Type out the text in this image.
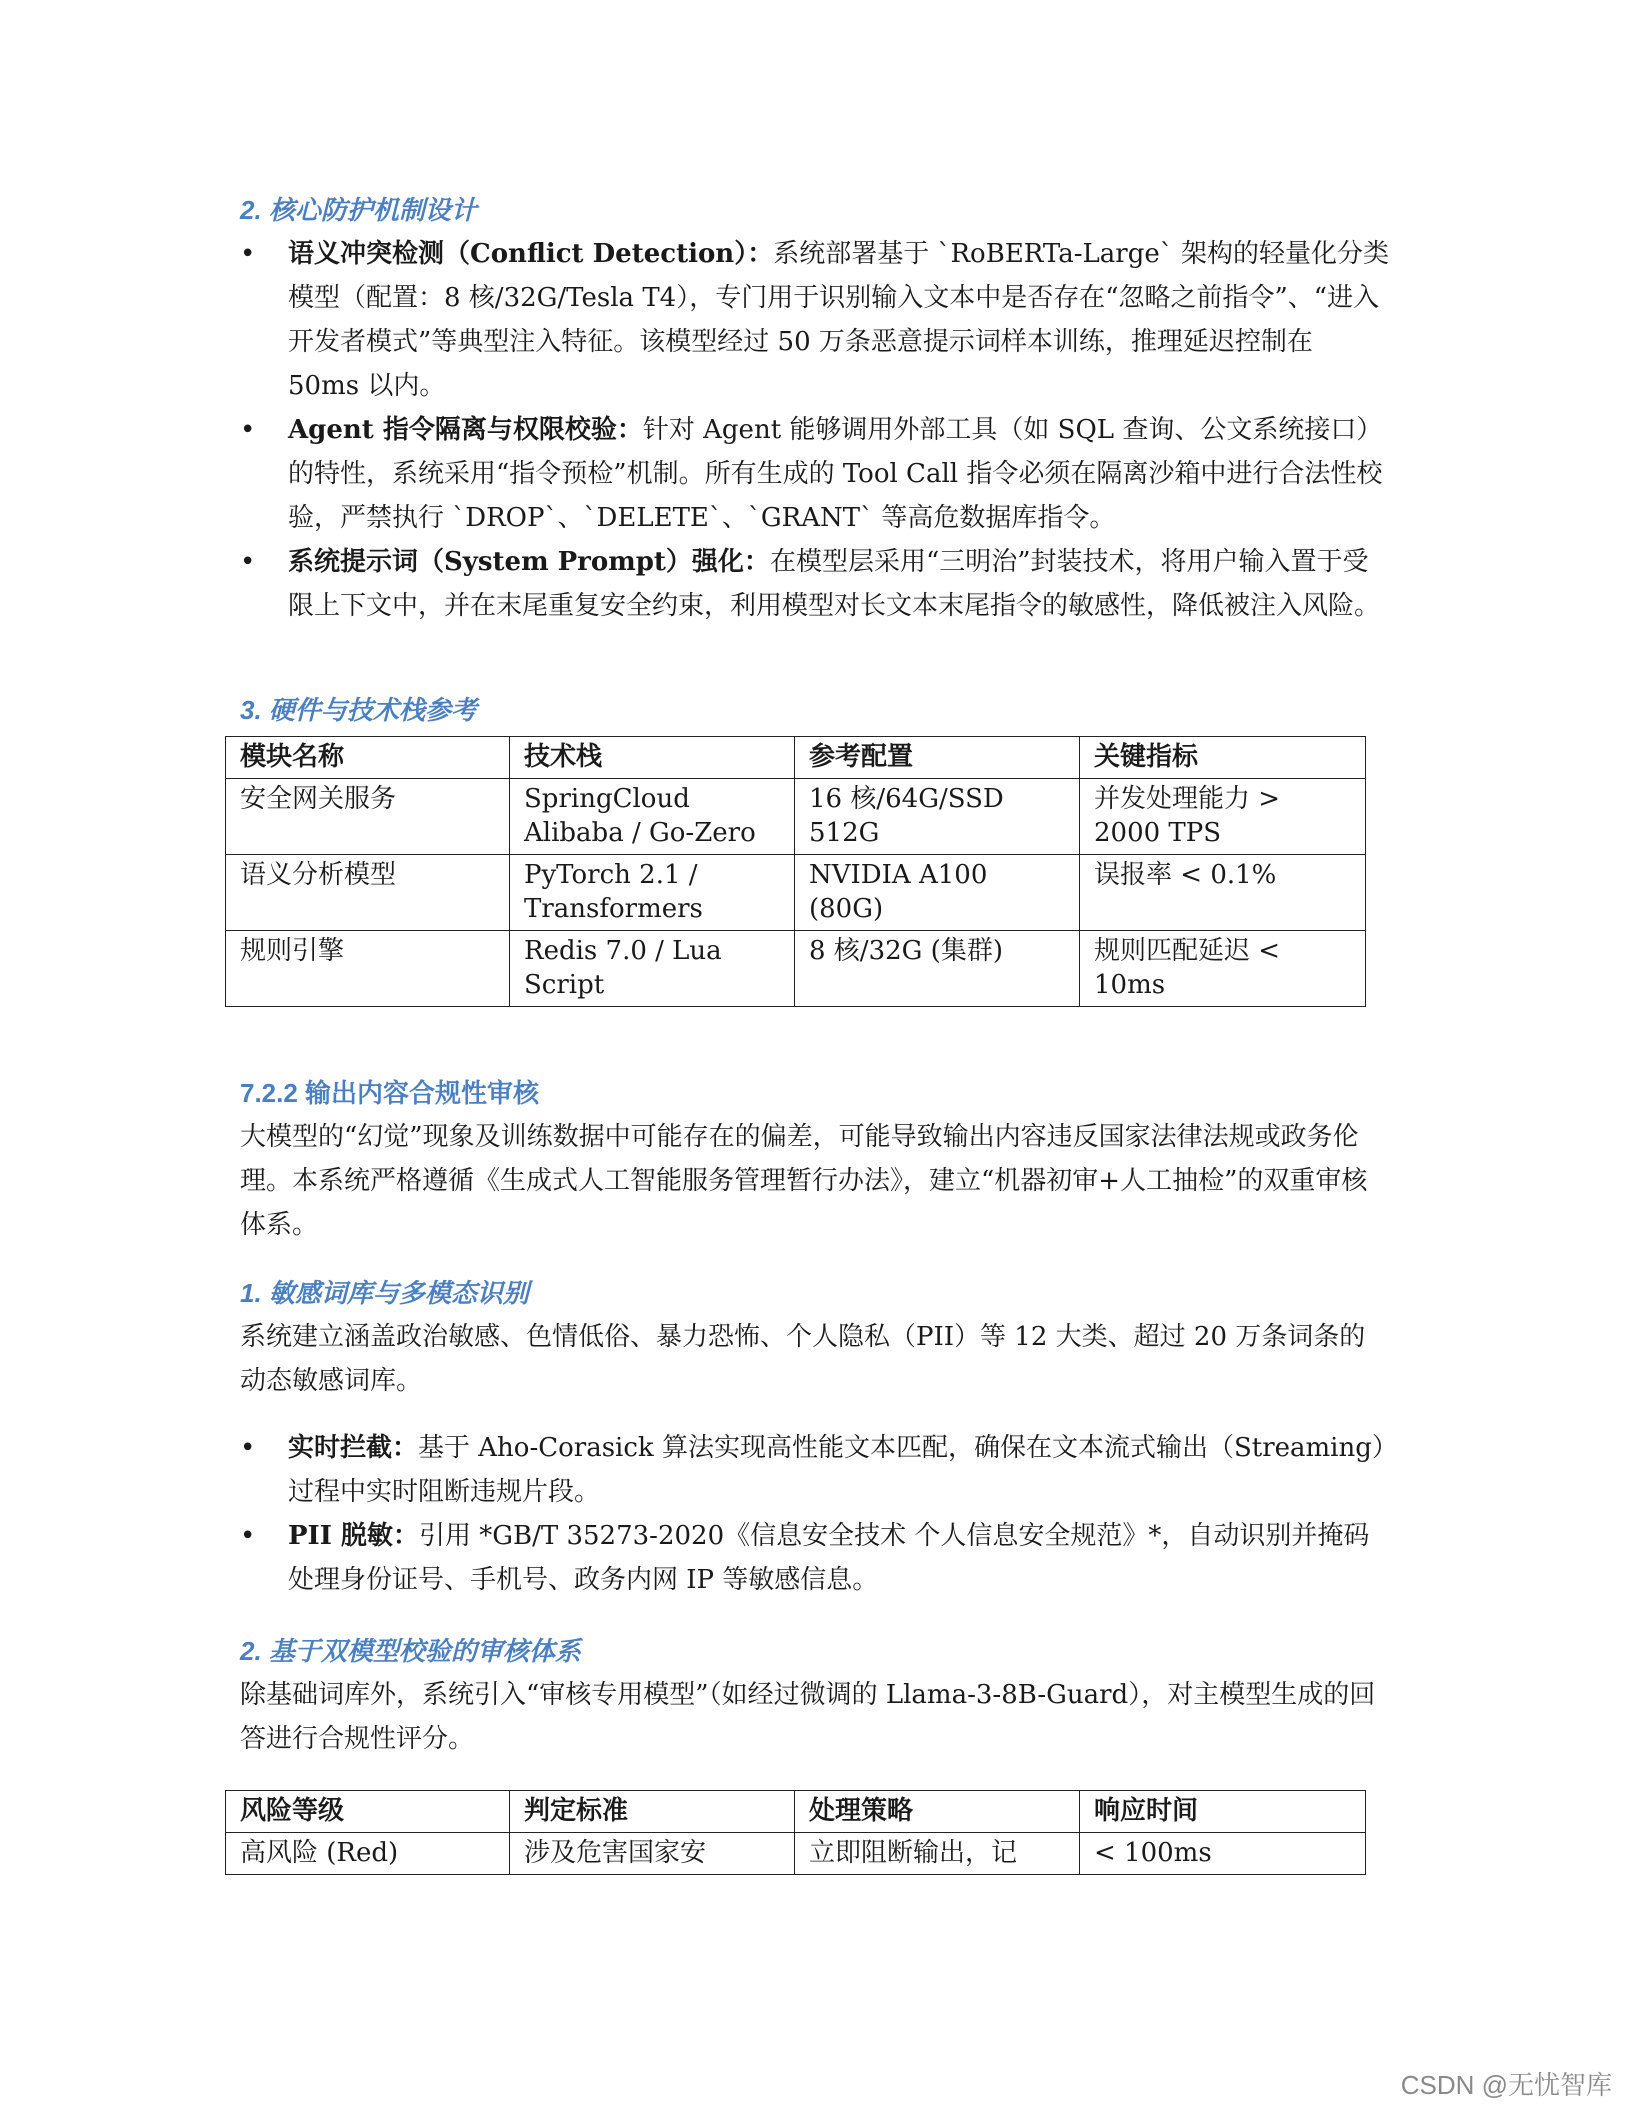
2. 核心防护机制设计
• 语义冲突检测（Conflict Detection）：系统部署基于 `RoBERTa-Large` 架构的轻量化分类模型（配置：8 核/32G/Tesla T4），专门用于识别输入文本中是否存在“忽略之前指令”、“进入开发者模式”等典型注入特征。该模型经过 50 万条恶意提示词样本训练，推理延迟控制在 50ms 以内。
• Agent 指令隔离与权限校验：针对 Agent 能够调用外部工具（如 SQL 查询、公文系统接口）的特性，系统采用“指令预检”机制。所有生成的 Tool Call 指令必须在隔离沙箱中进行合法性校验，严禁执行 `DROP`、`DELETE`、`GRANT` 等高危数据库指令。
• 系统提示词（System Prompt）强化：在模型层采用“三明治”封装技术，将用户输入置于受限上下文中，并在末尾重复安全约束，利用模型对长文本末尾指令的敏感性，降低被注入风险。
3. 硬件与技术栈参考
模块名称	技术栈	参考配置	关键指标
安全网关服务	SpringCloud Alibaba / Go-Zero	16 核/64G/SSD 512G	并发处理能力 > 2000 TPS
语义分析模型	PyTorch 2.1 / Transformers	NVIDIA A100 (80G)	误报率 < 0.1%
规则引擎	Redis 7.0 / Lua Script	8 核/32G (集群)	规则匹配延迟 < 10ms
7.2.2 输出内容合规性审核

大模型的“幻觉”现象及训练数据中可能存在的偏差，可能导致输出内容违反国家法律法规或政务伦理。本系统严格遵循《生成式人工智能服务管理暂行办法》，建立“机器初审+人工抽检”的双重审核体系。

1. 敏感词库与多模态识别

系统建立涵盖政治敏感、色情低俗、暴力恐怖、个人隐私（PII）等 12 大类、超过 20 万条词条的动态敏感词库。

• 实时拦截：基于 Aho-Corasick 算法实现高性能文本匹配，确保在文本流式输出（Streaming）过程中实时阻断违规片段。
• PII 脱敏：引用 *GB/T 35273-2020《信息安全技术 个人信息安全规范》*，自动识别并掩码处理身份证号、手机号、政务内网 IP 等敏感信息。
2. 基于双模型校验的审核体系

除基础词库外，系统引入“审核专用模型”（如经过微调的 Llama-3-8B-Guard），对主模型生成的回答进行合规性评分。

风险等级	判定标准	处理策略	响应时间
高风险 (Red)	涉及危害国家安	立即阻断输出，记	< 100ms
CSDN @无忧智库
